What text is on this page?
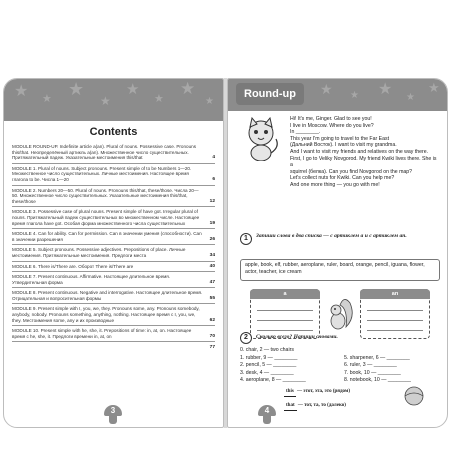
★ ★ ★
★
★
★ ★
★
Contents
MODULE ROUND-UP. Indefinite article a(an). Plural of nouns. Possessive case. Pronouns this/that. Неопределённый артикль a(an). Множественное число существительных. Притяжательный падеж. Указательные местоимения this/that	4
MODULE 1. Plural of nouns. Subject pronouns. Present simple of to be Numbers 1—20. Множественное число существительных. Личные местоимения. Настоящее время глагола to be. Числа 1—20	6
MODULE 2. Numbers 20—50. Plural of nouns. Pronouns this/that, these/those. Числа 20—50. Множественное число существительных. Указательные местоимения this/that, these/those	12
MODULE 3. Possessive case of plural nouns. Present simple of have got. Irregular plural of nouns. Притяжательный падеж существительных во множественном числе. Настоящее время глагола have got. Особая форма множественного числа существительных	19
MODULE 4. Can for ability. Can for permission. Can в значении умения (способности). Can в значении разрешения	26
MODULE 5. Subject pronouns. Possessive adjectives. Prepositions of place. Личные местоимения. Притяжательные местоимения. Предлоги места	34
MODULE 6. There is/There are. Оборот There is/There are	40
MODULE 7. Present continuous. Affirmative. Настоящее длительное время. Утвердительная форма	47
MODULE 8. Present continuous. Negative and interrogative. Настоящее длительное время. Отрицательная и вопросительная формы	55
MODULE 9. Present simple with I, you, we, they. Pronouns some, any. Pronouns somebody, anybody, nobody. Pronouns something, anything, nothing. Настоящее время с I, you, we, they. Местоимения some, any и их производные	62
MODULE 10. Present simple with he, she, it. Prepositions of time: in, at, on. Настоящее время с he, she, it. Предлоги времени in, at, on	70
77
3
★ ★ ★ ★
★
Round-up
Hi! It's me, Ginger. Glad to see you!
I live in Moscow. Where do you live?
In ________.
This year I'm going to travel to the Far East
(Дальний Восток). I want to visit my grandma.
And I want to visit my friends and relatives on the way there.
First, I go to Veliky Novgorod. My friend Kwiki lives there. She is a
squirrel (белка). Can you find Novgorod on the map?
Let's collect nuts for Kwiki. Can you help me?
And one more thing — you go with me!
1	Запиши слова в два списка — с артиклем a и с артиклем an.
apple, book, elf, rubber, aeroplane, ruler, board, orange, pencil, iguana, flower, actor, teacher, ice cream
a	an
2	Сколько всего? Напиши словами.
0. chair, 2 — two chairs
1. rubber, 9 — ________	5. sharpener, 6 — ________
2. pencil, 5 — ________	6. ruler, 3 — ________
3. desk, 4 — ________	7. book, 10 — ________
4. aeroplane, 8 — ________	8. notebook, 10 — ________
this — этот, эта, это (рядом)
that — тот, та, то (далеко)
4
